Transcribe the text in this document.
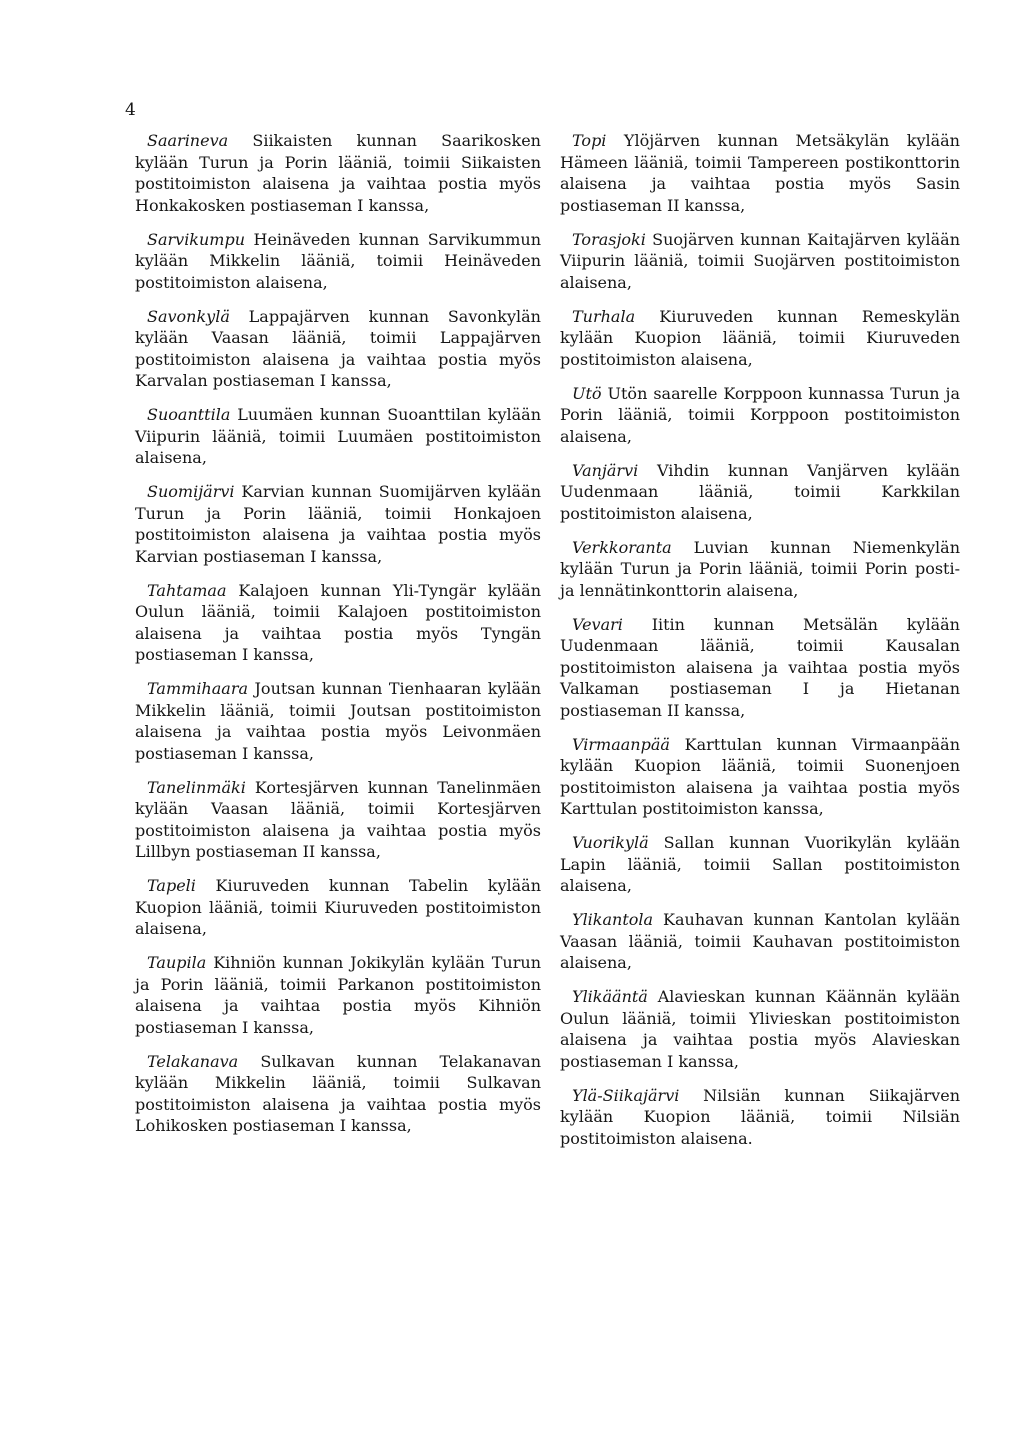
4

Saarineva Siikaisten kunnan Saarikosken kylään Turun ja Porin lääniä, toimii Siikaisten postitoimiston alaisena ja vaihtaa postia myös Honkakosken postiaseman I kanssa,

Sarvikumpu Heinäveden kunnan Sarvikummun kylään Mikkelin lääniä, toimii Heinäveden postitoimiston alaisena,

Savonkylä Lappajärven kunnan Savonkylän kylään Vaasan lääniä, toimii Lappajärven postitoimiston alaisena ja vaihtaa postia myös Karvalan postiaseman I kanssa,

Suoanttila Luumäen kunnan Suoanttilan kylään Viipurin lääniä, toimii Luumäen postitoimiston alaisena,

Suomijärvi Karvian kunnan Suomijärven kylään Turun ja Porin lääniä, toimii Honkajoen postitoimiston alaisena ja vaihtaa postia myös Karvian postiaseman I kanssa,

Tahtamaa Kalajoen kunnan Yli-Tyngär kylään Oulun lääniä, toimii Kalajoen postitoimiston alaisena ja vaihtaa postia myös Tyngän postiaseman I kanssa,

Tammihaara Joutsan kunnan Tienhaaran kylään Mikkelin lääniä, toimii Joutsan postitoimiston alaisena ja vaihtaa postia myös Leivonmäen postiaseman I kanssa,

Tanelinmäki Kortesjärven kunnan Tanelinmäen kylään Vaasan lääniä, toimii Kortesjärven postitoimiston alaisena ja vaihtaa postia myös Lillbyn postiaseman II kanssa,

Tapeli Kiuruveden kunnan Tabelin kylään Kuopion lääniä, toimii Kiuruveden postitoimiston alaisena,

Taupila Kihniön kunnan Jokikylän kylään Turun ja Porin lääniä, toimii Parkanon postitoimiston alaisena ja vaihtaa postia myös Kihniön postiaseman I kanssa,

Telakanava Sulkavan kunnan Telakanavan kylään Mikkelin lääniä, toimii Sulkavan postitoimiston alaisena ja vaihtaa postia myös Lohikosken postiaseman I kanssa,

Topi Ylöjärven kunnan Metsäkylän kylään Hämeen lääniä, toimii Tampereen postikonttorin alaisena ja vaihtaa postia myös Sasin postiaseman II kanssa,

Torasjoki Suojärven kunnan Kaitajärven kylään Viipurin lääniä, toimii Suojärven postitoimiston alaisena,

Turhala Kiuruveden kunnan Remeskylän kylään Kuopion lääniä, toimii Kiuruveden postitoimiston alaisena,

Utö Utön saarelle Korppoon kunnassa Turun ja Porin lääniä, toimii Korppoon postitoimiston alaisena,

Vanjärvi Vihdin kunnan Vanjärven kylään Uudenmaan lääniä, toimii Karkkilan postitoimiston alaisena,

Verkkoranta Luvian kunnan Niemenkylän kylään Turun ja Porin lääniä, toimii Porin posti- ja lennätinkonttorin alaisena,

Vevari Iitin kunnan Metsälän kylään Uudenmaan lääniä, toimii Kausalan postitoimiston alaisena ja vaihtaa postia myös Valkaman postiaseman I ja Hietanan postiaseman II kanssa,

Virmaanpää Karttulan kunnan Virmaanpään kylään Kuopion lääniä, toimii Suonenjoen postitoimiston alaisena ja vaihtaa postia myös Karttulan postitoimiston kanssa,

Vuorikylä Sallan kunnan Vuorikylän kylään Lapin lääniä, toimii Sallan postitoimiston alaisena,

Ylikantola Kauhavan kunnan Kantolan kylään Vaasan lääniä, toimii Kauhavan postitoimiston alaisena,

Ylikääntä Alavieskan kunnan Käännän kylään Oulun lääniä, toimii Ylivieskan postitoimiston alaisena ja vaihtaa postia myös Alavieskan postiaseman I kanssa,

Ylä-Siikajärvi Nilsiän kunnan Siikajärven kylään Kuopion lääniä, toimii Nilsiän postitoimiston alaisena.
